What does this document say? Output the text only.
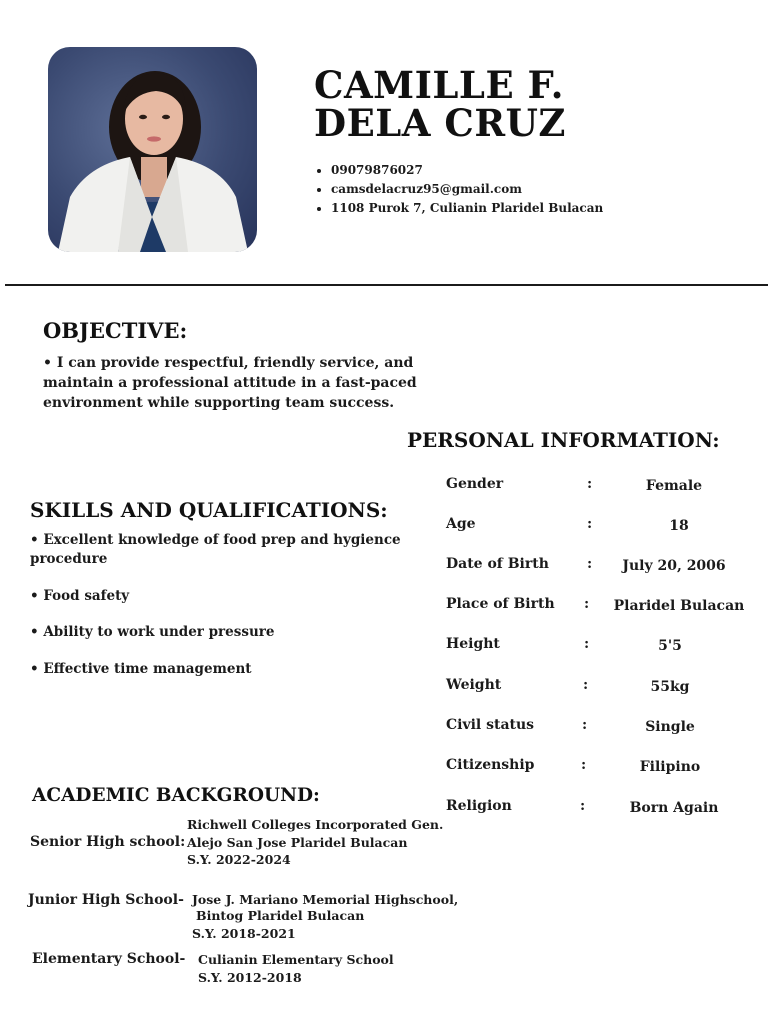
CAMILLE F.
DELA CRUZ
09079876027
camsdelacruz95@gmail.com
1108 Purok 7, Culianin Plaridel Bulacan
OBJECTIVE:

• I can provide respectful, friendly service, and maintain a professional attitude in a fast-paced environment while supporting team success.

PERSONAL INFORMATION:
Gender	:	Female
Age	:	18
Date of Birth	:	July 20, 2006
Place of Birth :	Plaridel Bulacan
Height	:	5'5
Weight	:	55kg
Civil status	:	Single
Citizenship	:	Filipino
Religion	:	Born Again
SKILLS AND QUALIFICATIONS:
• Excellent knowledge of food prep and hygience procedure
• Food safety
• Ability to work under pressure
• Effective time management
ACADEMIC BACKGROUND:
Senior High school:
Richwell Colleges Incorporated Gen.
Alejo San Jose Plaridel Bulacan
S.Y. 2022-2024
Junior High School- Jose J. Mariano Memorial Highschool,
Bintog Plaridel Bulacan
S.Y. 2018-2021
Elementary School- Culianin Elementary School
S.Y. 2012-2018
